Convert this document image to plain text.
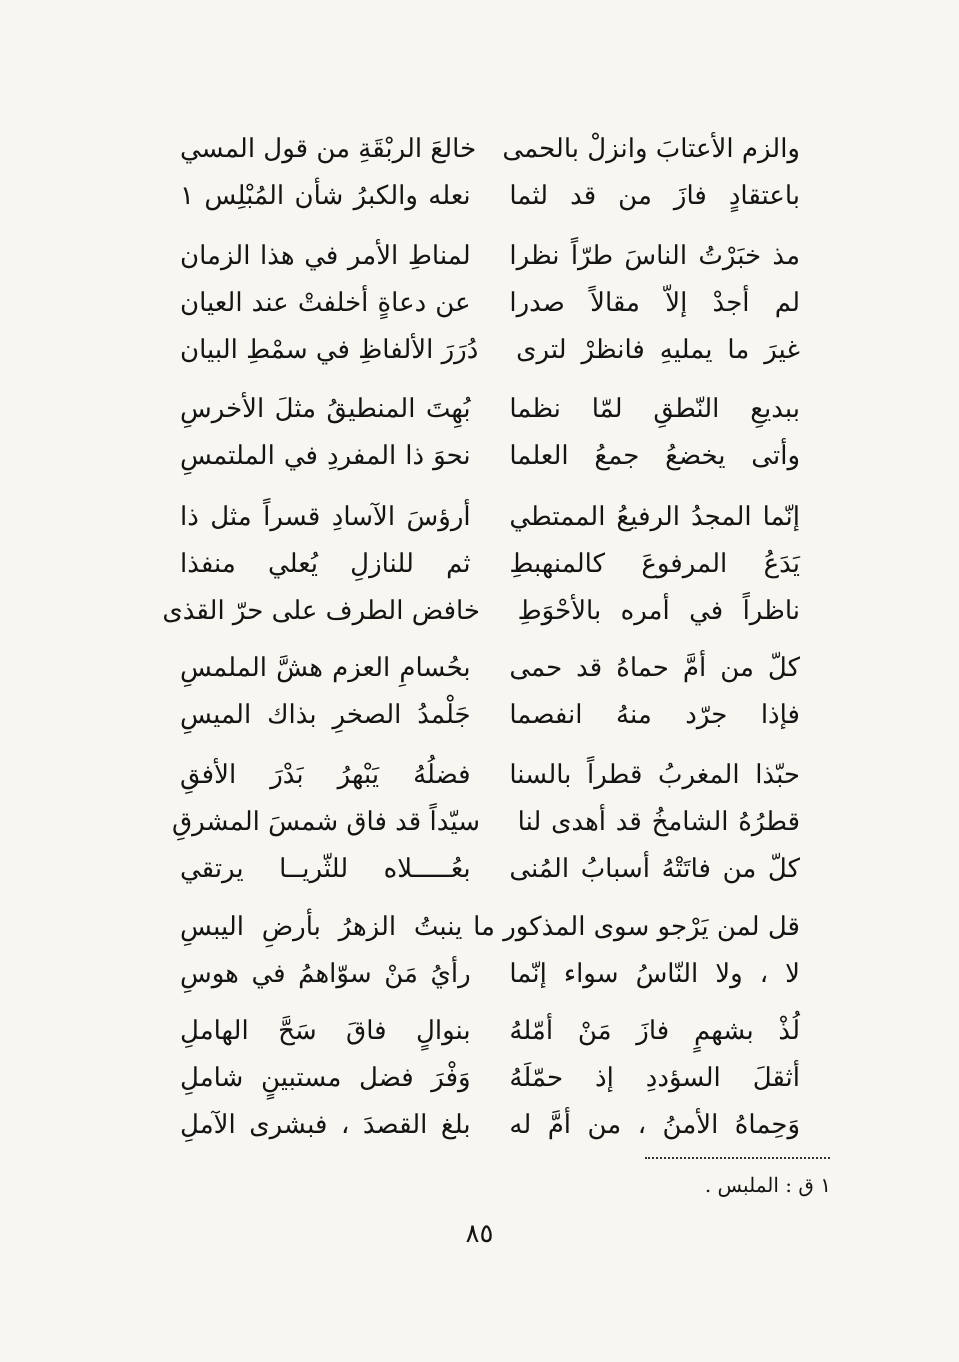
والزم الأعتابَ وانزلْ بالحمى
خالعَ الربْقَةِ من قول المسي
باعتقادٍ فازَ من قد لثما
نعله والكبرُ شأن المُبْلِس ١
مذ خبَرْتُ الناسَ طرّاً نظرا
لمناطِ الأمر في هذا الزمان
لم أجدْ إلاّ مقالاً صدرا
عن دعاةٍ أخلفتْ عند العيان
غيرَ ما يمليهِ فانظرْ لترى
دُرَرَ الألفاظِ في سمْطِ البيان
ببديعِ النّطقِ لمّا نظما
بُهِتَ المنطيقُ مثلَ الأخرسِ
وأتى يخضعُ جمعُ العلما
نحوَ ذا المفردِ في الملتمسِ
إنّما المجدُ الرفيعُ الممتطي
أرؤسَ الآسادِ قسراً مثل ذا
يَدَعُ المرفوعَ كالمنهبطِ
ثم للنازلِ يُعلي منفذا
ناظراً في أمره بالأحْوَطِ
خافض الطرف على حرّ القذى
كلّ من أمَّ حماهُ قد حمى
بحُسامِ العزم هشَّ الملمسِ
فإذا جرّد منهُ انفصما
جَلْمدُ الصخرِ بذاك الميسِ
حبّذا المغربُ قطراً بالسنا
فضلُهُ يَبْهرُ بَدْرَ الأفقِ
قطرُهُ الشامخُ قد أهدى لنا
سيّداً قد فاق شمسَ المشرقِ
كلّ من فاتَتْهُ أسبابُ المُنى
بعُـــــلاه للثّريــا يرتقي
قل لمن يَرْجو سوى المذكور ما
ينبتُ الزهرُ بأرضِ اليبسِ
لا ، ولا النّاسُ سواء إنّما
رأيُ مَنْ سوّاهمُ في هوسِ
لُذْ بشهمٍ فازَ مَنْ أمّلهُ
بنوالٍ فاقَ سَحَّ الهاملِ
أثقلَ السؤددِ إذ حمّلَهُ
وَفْرَ فضل مستبينٍ شاملِ
وَحِماهُ الأمنُ ، من أمَّ له
بلغ القصدَ ، فبشرى الآملِ
١ ق : الملبس .
٨٥
